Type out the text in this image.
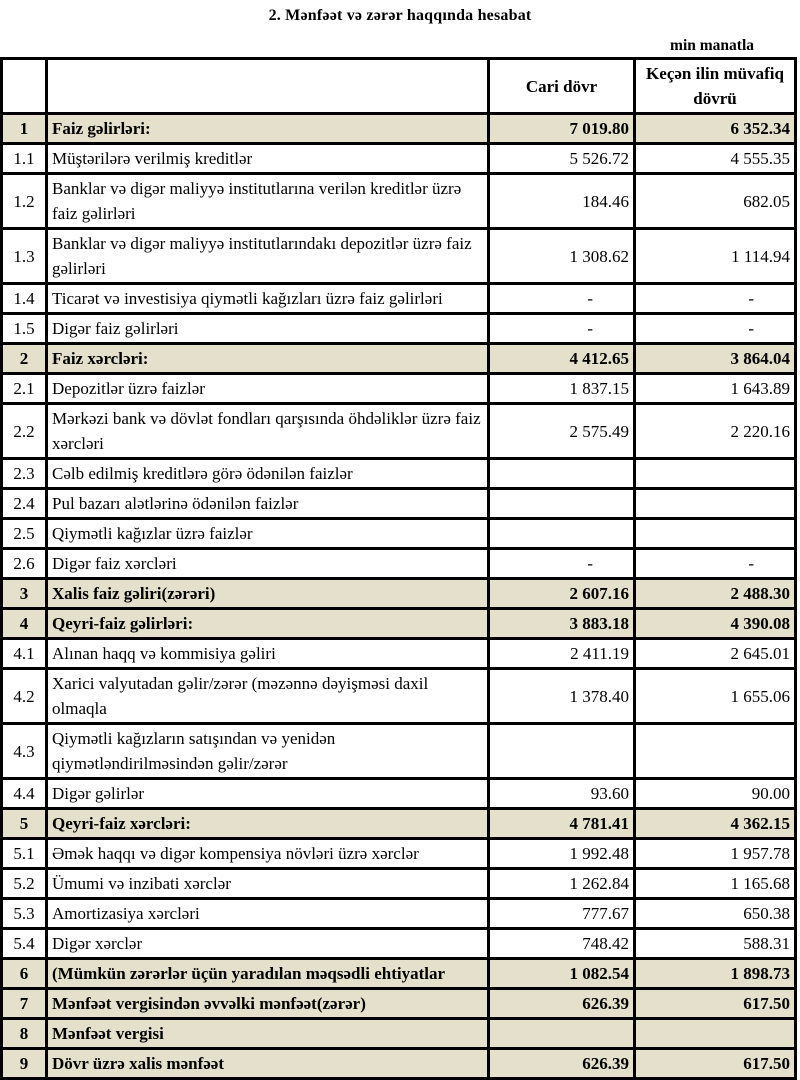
2. Mənfəət və zərər haqqında hesabat
min manatla
		Cari dövr	Keçən ilin müvafiq dövrü
1	Faiz gəlirləri:	7 019.80	6 352.34
1.1	Müştərilərə verilmiş kreditlər	5 526.72	4 555.35
1.2	Banklar və digər maliyyə institutlarına verilən kreditlər üzrə faiz gəlirləri	184.46	682.05
1.3	Banklar və digər maliyyə institutlarındakı depozitlər üzrə faiz gəlirləri	1 308.62	1 114.94
1.4	Ticarət və investisiya qiymətli kağızları üzrə faiz gəlirləri	-	-
1.5	Digər faiz gəlirləri	-	-
2	Faiz xərcləri:	4 412.65	3 864.04
2.1	Depozitlər üzrə faizlər	1 837.15	1 643.89
2.2	Mərkəzi bank və dövlət fondları qarşısında öhdəliklər üzrə faiz xərcləri	2 575.49	2 220.16
2.3	Cəlb edilmiş kreditlərə görə ödənilən faizlər		
2.4	Pul bazarı alətlərinə ödənilən faizlər		
2.5	Qiymətli kağızlar üzrə faizlər		
2.6	Digər faiz xərcləri	-	-
3	Xalis faiz gəliri(zərəri)	2 607.16	2 488.30
4	Qeyri-faiz gəlirləri:	3 883.18	4 390.08
4.1	Alınan haqq və kommisiya gəliri	2 411.19	2 645.01
4.2	Xarici valyutadan gəlir/zərər (məzənnə dəyişməsi daxil olmaqla	1 378.40	1 655.06
4.3	Qiymətli kağızların satışından və yenidən qiymətləndirilməsindən gəlir/zərər		
4.4	Digər gəlirlər	93.60	90.00
5	Qeyri-faiz xərcləri:	4 781.41	4 362.15
5.1	Əmək haqqı və digər kompensiya növləri üzrə xərclər	1 992.48	1 957.78
5.2	Ümumi və inzibati xərclər	1 262.84	1 165.68
5.3	Amortizasiya xərcləri	777.67	650.38
5.4	Digər xərclər	748.42	588.31
6	(Mümkün zərərlər üçün yaradılan məqsədli ehtiyatlar	1 082.54	1 898.73
7	Mənfəət vergisindən əvvəlki mənfəət(zərər)	626.39	617.50
8	Mənfəət vergisi		
9	Dövr üzrə xalis mənfəət	626.39	617.50
